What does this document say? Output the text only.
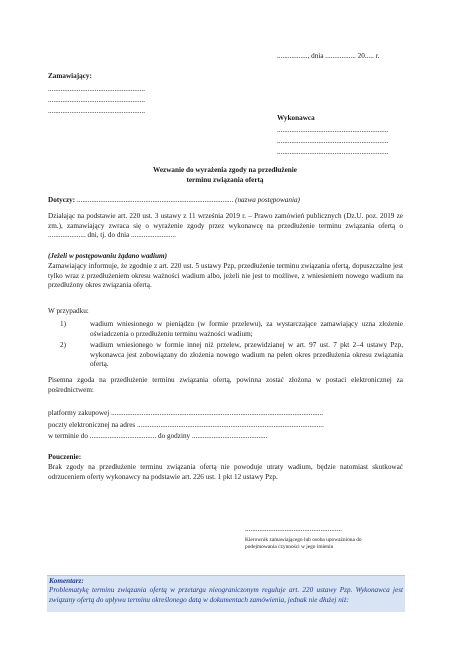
................., dnia ................. 20..... r.
Zamawiający:
......................................................
......................................................
......................................................
Wykonawca
..............................................................
..............................................................
..............................................................
Wezwanie do wyrażenia zgody na przedłużenie
terminu związania ofertą
Dotyczy: ....................................................................................... (nazwa postępowania)
Działając na podstawie art. 220 ust. 3 ustawy z 11 września 2019 r. – Prawo zamówień publicznych (Dz.U. poz. 2019 ze zm.), zamawiający zwraca się o wyrażenie zgody przez wykonawcę na przedłużenie terminu związania ofertą o ..................... dni, tj. do dnia .........................
(Jeżeli w postępowaniu żądano wadium)
Zamawiający informuje, że zgodnie z art. 220 ust. 5 ustawy Pzp, przedłużenie terminu związania ofertą, dopuszczalne jest tylko wraz z przedłużeniem okresu ważności wadium albo, jeżeli nie jest to możliwe, z wniesieniem nowego wadium na przedłużony okres związania ofertą.
W przypadku:
1)	wadium wniesionego w pieniądzu (w formie przelewu), za wystarczające zamawiający uzna złożenie oświadczenia o przedłużeniu terminu ważności wadium;
2)	wadium wniesionego w formie innej niż przelew, przewidzianej w art. 97 ust. 7 pkt 2–4 ustawy Pzp, wykonawca jest zobowiązany do złożenia nowego wadium na pełen okres przedłużenia okresu związania ofertą.
Pisemna zgoda na przedłużenie terminu związania ofertą, powinna zostać złożona w postaci elektronicznej za pośrednictwem:
platformy zakupowej ......................................................................................................................
poczty elektronicznej na adres ........................................................................................................
w terminie do ..................................... do godziny ..........................................
Pouczenie:
Brak zgody na przedłużenie terminu związania ofertą nie powoduje utraty wadium, będzie natomiast skutkować odrzuceniem oferty wykonawcy na podstawie art. 226 ust. 1 pkt 12 ustawy Pzp.
......................................................
Kierownik zamawiającego lub osoba upoważniona do
podejmowania czynności w jego imieniu
Komentarz:
Problematykę terminu związania ofertą w przetargu nieograniczonym reguluje art. 220 ustawy Pzp. Wykonawca jest związany ofertą do upływu terminu określonego datą w dokumentach zamówienia, jednak nie dłużej niż:
